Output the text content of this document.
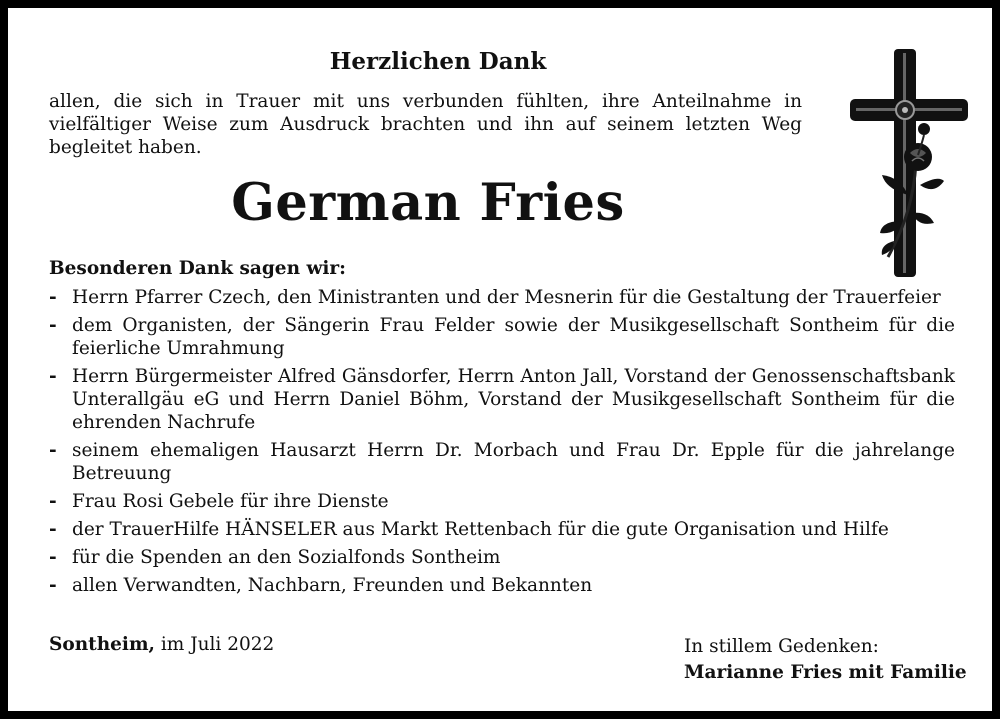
Herzlichen Dank

allen, die sich in Trauer mit uns verbunden fühlten, ihre Anteilnahme in vielfältiger Weise zum Ausdruck brachten und ihn auf seinem letzten Weg begleitet haben.

German Fries

Besonderen Dank sagen wir:

- Herrn Pfarrer Czech, den Ministranten und der Mesnerin für die Gestaltung der Trauerfeier
- dem Organisten, der Sängerin Frau Felder sowie der Musikgesellschaft Sontheim für die feierliche Umrahmung
- Herrn Bürgermeister Alfred Gänsdorfer, Herrn Anton Jall, Vorstand der Genossenschaftsbank Unterallgäu eG und Herrn Daniel Böhm, Vorstand der Musikgesellschaft Sontheim für die ehrenden Nachrufe
- seinem ehemaligen Hausarzt Herrn Dr. Morbach und Frau Dr. Epple für die jahrelange Betreuung
- Frau Rosi Gebele für ihre Dienste
- der TrauerHilfe HÄNSELER aus Markt Rettenbach für die gute Organisation und Hilfe
- für die Spenden an den Sozialfonds Sontheim
- allen Verwandten, Nachbarn, Freunden und Bekannten

Sontheim, im Juli 2022	In stillem Gedenken:
Marianne Fries mit Familie
